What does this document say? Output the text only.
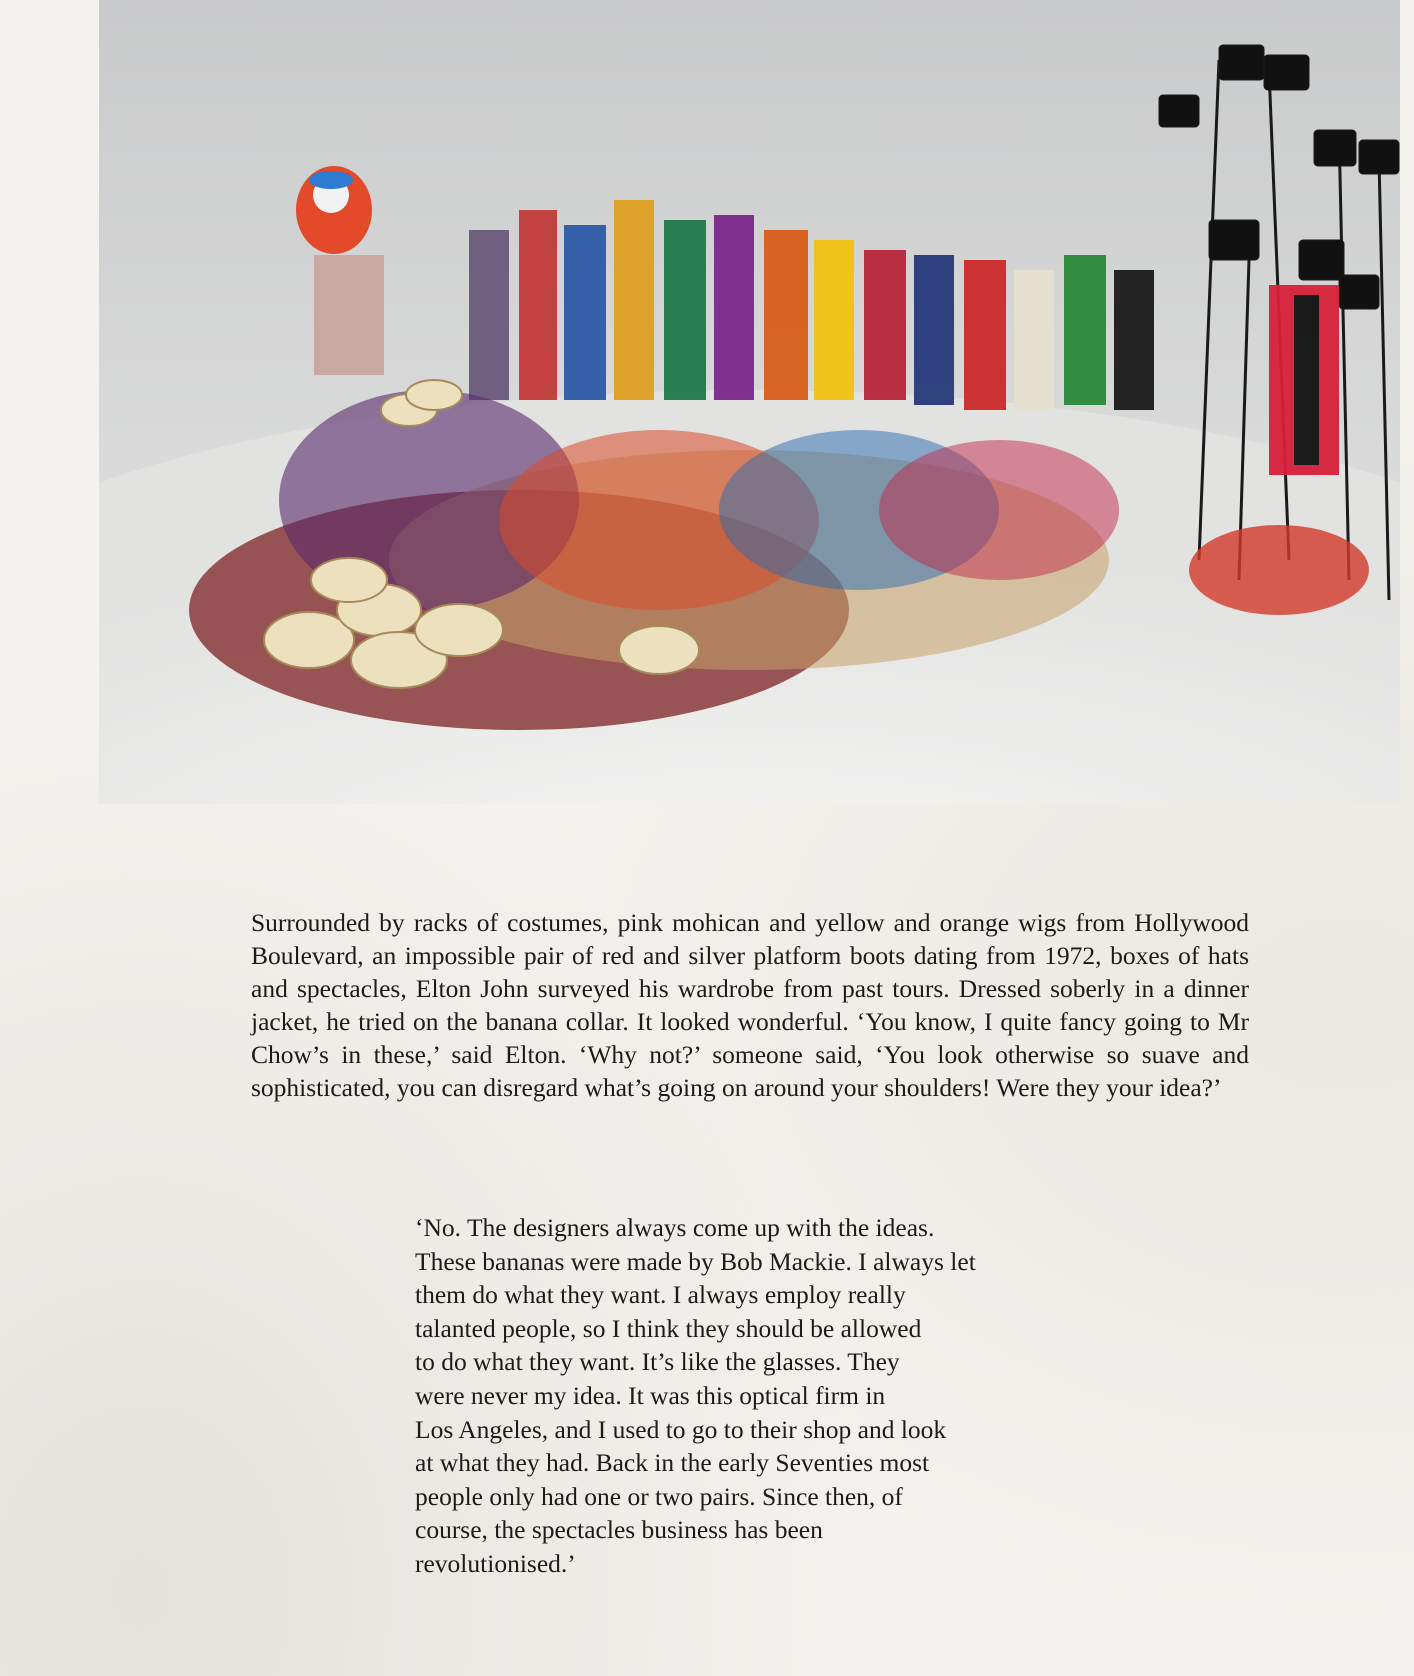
Surrounded by racks of costumes, pink mohican and yellow and orange wigs from Hollywood Boulevard, an impossible pair of red and silver platform boots dating from 1972, boxes of hats and spectacles, Elton John surveyed his wardrobe from past tours. Dressed soberly in a dinner jacket, he tried on the banana collar. It looked wonderful. ‘You know, I quite fancy going to Mr Chow’s in these,’ said Elton. ‘Why not?’ someone said, ‘You look otherwise so suave and sophisticated, you can disregard what’s going on around your shoulders! Were they your idea?’

‘No. The designers always come up with the ideas.
These bananas were made by Bob Mackie. I always let
them do what they want. I always employ really
talanted people, so I think they should be allowed
to do what they want. It’s like the glasses. They
were never my idea. It was this optical firm in
Los Angeles, and I used to go to their shop and look
at what they had. Back in the early Seventies most
people only had one or two pairs. Since then, of
course, the spectacles business has been
revolutionised.’
